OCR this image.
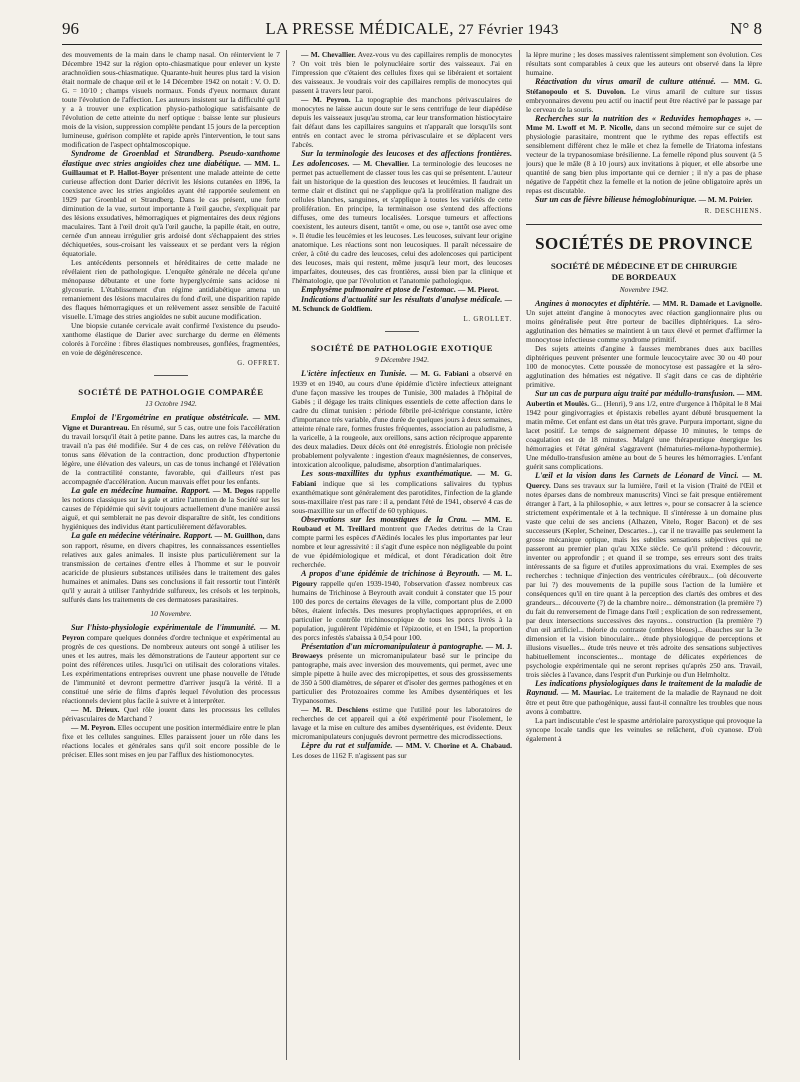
96	LA PRESSE MÉDICALE, 27 Février 1943	N° 8

des mouvements de la main dans le champ nasal. On réintervient le 7 Décembre 1942 sur la région opto-chiasmatique pour enlever un kyste arachnoïdien sous-chiasmatique. Quarante-huit heures plus tard la vision était normale de chaque œil et le 14 Décembre 1942 on notait : V. O. D. G. = 10/10 ; champs visuels normaux. Fonds d'yeux normaux durant toute l'évolution de l'affection. Les auteurs insistent sur la difficulté qu'il y a à trouver une explication physio-pathologique satisfaisante de l'évolution de cette atteinte du nerf optique : baisse lente sur plusieurs mois de la vision, suppression complète pendant 15 jours de la perception lumineuse, guérison complète et rapide après l'intervention, le tout sans modification de l'aspect ophtalmoscopique.

Syndrome de Groenblad et Strandberg. Pseudo-xanthome élastique avec stries angioïdes chez une diabétique. — MM. L. Guillaumat et P. Hallot-Boyer présentent une malade atteinte de cette curieuse affection dont Darier décrivit les lésions cutanées en 1896, la coexistence avec les stries angioïdes ayant été rapportée seulement en 1929 par Groenblad et Strandberg. Dans le cas présent, une forte diminution de la vue, surtout importante à l'œil gauche, s'expliquait par des lésions exsudatives, hémorragiques et pigmentaires des deux régions maculaires. Tant à l'œil droit qu'à l'œil gauche, la papille était, en outre, cernée d'un anneau irrégulier gris ardoisé dont s'échappaient des stries déchiquetées, sous-croisant les vaisseaux et se perdant vers la région équatoriale.

Les antécédents personnels et héréditaires de cette malade ne révélaient rien de pathologique. L'enquête générale ne décela qu'une ménopause débutante et une forte hyperglycémie sans acidose ni glycosurie. L'établissement d'un régime antidiabétique amena un remaniement des lésions maculaires du fond d'œil, une disparition rapide des flaques hémorragiques et un relèvement assez sensible de l'acuité visuelle. L'image des stries angioïdes ne subit aucune modification.

Une biopsie cutanée cervicale avait confirmé l'existence du pseudo-xanthome élastique de Darier avec surcharge du derme en éléments colorés à l'orcéine : fibres élastiques nombreuses, gonflées, fragmentées, en voie de dégénérescence.

G. OFFRET.

SOCIÉTÉ DE PATHOLOGIE COMPARÉE

13 Octobre 1942.

Emploi de l'Ergométrine en pratique obstétricale. — MM. Vigne et Durantreau. En résumé, sur 5 cas, outre une fois l'accélération du travail lorsqu'il était à petite panne. Dans les autres cas, la marche du travail n'a pas été modifiée. Sur 4 de ces cas, on relève l'élévation du tonus sans élévation de la contraction, donc production d'hypertonie légère, une élévation des valeurs, un cas de tonus inchangé et l'élévation de la contractilité constante, favorable, qui d'ailleurs n'est pas accompagnée d'accélération. Aucun mauvais effet pour les enfants.

La gale en médecine humaine. Rapport. — M. Degos rappelle les notions classiques sur la gale et attire l'attention de la Société sur les causes de l'épidémie qui sévit toujours actuellement d'une manière aussi aiguë, et qui semblerait ne pas devoir disparaître de sitôt, les conditions hygiéniques des individus étant particulièrement défavorables.

La gale en médecine vétérinaire. Rapport. — M. Guillhon, dans son rapport, résume, en divers chapitres, les connaissances essentielles relatives aux gales animales. Il insiste plus particulièrement sur la transmission de certaines d'entre elles à l'homme et sur le pouvoir acaricide de plusieurs substances utilisées dans le traitement des gales humaines et animales. Dans ses conclusions il fait ressortir tout l'intérêt qu'il y aurait à utiliser l'anhydride sulfureux, les crésols et les terpinols, sulfurés dans les traitements de ces dermatoses parasitaires.

10 Novembre.

Sur l'histo-physiologie expérimentale de l'immunité. — M. Peyron compare quelques données d'ordre technique et expérimental au progrès de ces questions. De nombreux auteurs ont songé à utiliser les unes et les autres, mais les démonstrations de l'auteur apportent sur ce point des références utiles. Jusqu'ici on utilisait des colorations vitales. Les expérimentations entreprises ouvrent une phase nouvelle de l'étude de l'immunité et devront permettre d'arriver jusqu'à la vérité. Il a constitué une série de films d'après lequel l'évolution des processus réactionnels devient plus facile à suivre et à interpréter.

— M. Drieux. Quel rôle jouent dans les processus les cellules périvasculaires de Marchand ?

— M. Peyron. Elles occupent une position intermédiaire entre le plan fixe et les cellules sanguines. Elles paraissent jouer un rôle dans les réactions locales et générales sans qu'il soit encore possible de le préciser. Elles sont mises en jeu par l'afflux des histiomonocytes.

— M. Chevallier. Avez-vous vu des capillaires remplis de monocytes ? On voit très bien le polynucléaire sortir des vaisseaux. J'ai en l'impression que c'étaient des cellules fixes qui se libéraient et sortaient des vaisseaux. Je voudrais voir des capillaires remplis de monocytes qui passent à travers leur paroi.

— M. Peyron. La topographie des manchons périvasculaires de monocytes ne laisse aucun doute sur le sens centrifuge de leur diapédèse depuis les vaisseaux jusqu'au stroma, car leur transformation histiocytaire fait défaut dans les capillaires sanguins et n'apparaît que lorsqu'ils sont entrés en contact avec le stroma périvasculaire et se déplacent vers l'abcès.

Sur la terminologie des leucoses et des affections frontières. Les adolencoses. — M. Chevallier. La terminologie des leucoses ne permet pas actuellement de classer tous les cas qui se présentent. L'auteur fait un historique de la question des leucoses et leucémies. Il faudrait un terme clair et distinct qui ne s'applique qu'à la prolifération maligne des cellules blanches, sanguines, et s'applique à toutes les variétés de cette prolifération. En principe, la terminaison ose s'entend des affections diffuses, ome des tumeurs localisées. Lorsque tumeurs et affections coexistent, les auteurs disent, tantôt « ome, ou ose », tantôt ose avec ome ». Il étudie les leucémies et les leucoses. Les leucoses, suivant leur origine anatomique. Les réactions sont non leucosiques. Il paraît nécessaire de créer, à côté du cadre des leucoses, celui des adolencoses qui participent des leucoses, mais qui restent, même jusqu'à leur mort, des leucoses imparfaites, douteuses, des cas frontières, aussi bien par la clinique et l'hématologie, que par l'évolution et l'anatomie pathologique.

Emphysème pulmonaire et ptose de l'estomac. — M. Pierot.

Indications d'actualité sur les résultats d'analyse médicale. — M. Schunck de Goldfiem.

L. GROLLET.

SOCIÉTÉ DE PATHOLOGIE EXOTIQUE

9 Décembre 1942.

L'ictère infectieux en Tunisie. — M. G. Fabiani a observé en 1939 et en 1940, au cours d'une épidémie d'ictère infectieux atteignant d'une façon massive les troupes de Tunisie, 300 malades à l'hôpital de Gabès ; il dégage les traits cliniques essentiels de cette affection dans le cadre du climat tunisien : période fébrile pré-ictérique constante, ictère d'importance très variable, d'une durée de quelques jours à deux semaines, atteinte rénale rare, formes frustes fréquentes, association au paludisme, à la varicelle, à la rougeole, aux oreillons, sans action réciproque apparente des deux maladies. Deux décès ont été enregistrés. Étiologie non précisée probablement polyvalente : ingestion d'eaux magnésiennes, de conserves, intoxication alcoolique, paludisme, absorption d'antimalariques.

Les sous-maxillites du typhus exanthématique. — M. G. Fabiani indique que si les complications salivaires du typhus exanthématique sont généralement des parotidites, l'infection de la glande sous-maxillaire n'est pas rare : il a, pendant l'été de 1941, observé 4 cas de sous-maxillite sur un effectif de 60 typhiques.

Observations sur les moustiques de la Crau. — MM. E. Roubaud et M. Treillard montrent que l'Aedes detritus de la Crau compte parmi les espèces d'Aëdinés locales les plus importantes par leur nombre et leur agressivité : il s'agit d'une espèce non négligeable du point de vue épidémiologique et médical, et dont l'éradication doit être recherchée.

A propos d'une épidémie de trichinose à Beyrouth. — M. L. Pigoury rappelle qu'en 1939-1940, l'observation d'assez nombreux cas humains de Trichinose à Beyrouth avait conduit à constater que 15 pour 100 des porcs de certains élevages de la ville, comportant plus de 2.000 bêtes, étaient infectés. Des mesures prophylactiques appropriées, et en particulier le contrôle trichinoscopique de tous les porcs livrés à la population, jugulèrent l'épidémie et l'épizootie, et en 1941, la proportion des porcs infestés s'abaissa à 0,54 pour 100.

Présentation d'un micromanipulateur à pantographe. — M. J. Browaeys présente un micromanipulateur basé sur le principe du pantographe, mais avec inversion des mouvements, qui permet, avec une simple pipette à huile avec des micropipettes, et sous des grossissements de 350 à 500 diamètres, de séparer et d'isoler des germes pathogènes et en particulier des Protozoaires comme les Amibes dysentériques et les Trypanosomes.

— M. R. Deschiens estime que l'utilité pour les laboratoires de recherches de cet appareil qui a été expérimenté pour l'isolement, le lavage et la mise en culture des amibes dysentériques, est évidente. Deux micromanipulateurs conjugués devront permettre des microdissections.

Lèpre du rat et sulfamide. — MM. V. Chorine et A. Chabaud. Les doses de 1162 F. n'agissent pas sur

la lèpre murine ; les doses massives ralentissent simplement son évolution. Ces résultats sont comparables à ceux que les auteurs ont observé dans la lèpre humaine.

Réactivation du virus amaril de culture atténué. — MM. G. Stéfanopoulo et S. Duvolon. Le virus amaril de culture sur tissus embryonnaires devenu peu actif ou inactif peut être réactivé par le passage par le cerveau de la souris.

Recherches sur la nutrition des « Reduvides hemophages ». — Mme M. Lwoff et M. P. Nicolle, dans un second mémoire sur ce sujet de physiologie parasitaire, montrent que le rythme des repas effectifs est sensiblement différent chez le mâle et chez la femelle de Triatoma infestans vecteur de la trypanosomiase brésilienne. La femelle répond plus souvent (à 5 jours) que le mâle (8 à 10 jours) aux invitations à piquer, et elle absorbe une quantité de sang bien plus importante qui ce dernier ; il n'y a pas de phase négative de l'appétit chez la femelle et la notion de jeûne obligatoire après un repas est discutable.

Sur un cas de fièvre bilieuse hémoglobinurique. — M. M. Poirier.

R. DESCHIENS.

SOCIÉTÉS DE PROVINCE

SOCIÉTÉ DE MÉDECINE ET DE CHIRURGIE
DE BORDEAUX

Novembre 1942.

Angines à monocytes et diphtérie. — MM. R. Damade et Lavignolle. Un sujet atteint d'angine à monocytes avec réaction ganglionnaire plus ou moins généralisée peut être porteur de bacilles diphtériques. La séro-agglutination des hématies se maintient à un taux élevé et permet d'affirmer la monocytose infectieuse comme syndrome primitif.

Des sujets atteints d'angine à fausses membranes dues aux bacilles diphtériques peuvent présenter une formule leucocytaire avec 30 ou 40 pour 100 de monocytes. Cette poussée de monocytose est passagère et la séro-agglutination des hématies est négative. Il s'agit dans ce cas de diphtérie primitive.

Sur un cas de purpura aigu traité par médullo-transfusion. — MM. Aubertin et Moulès. G... (Henri), 9 ans 1/2, entre d'urgence à l'hôpital le 8 Mai 1942 pour gingivorragies et épistaxis rebelles ayant débuté brusquement la matin même. Cet enfant est dans un état très grave. Purpura important, signe du lacet positif. Le temps de saignement dépasse 10 minutes, le temps de coagulation est de 18 minutes. Malgré une thérapeutique énergique les hémorragies et l'état général s'aggravent (hématuries-mélœna-hypothermie). Une médullo-transfusion amène au bout de 5 heures les hémorragies. L'enfant guérit sans complications.

L'œil et la vision dans les Carnets de Léonard de Vinci. — M. Quercy. Dans ses travaux sur la lumière, l'œil et la vision (Traité de l'Œil et notes éparses dans de nombreux manuscrits) Vinci se fait presque entièrement étranger à l'art, à la philosophie, « aux lettres », pour se consacrer à la science strictement expérimentale et à la technique. Il s'intéresse à un domaine plus vaste que celui de ses anciens (Alhazen, Vitelo, Roger Bacon) et de ses successeurs (Kepler, Scheiner, Descartes...), car il ne travaille pas seulement la grosse mécanique optique, mais les subtiles sensations subjectives qui ne passeront au premier plan qu'au XIXe siècle. Ce qu'il prétend : découvrir, inventer ou approfondir ; et quand il se trompe, ses erreurs sont des traits intéressants de sa figure et d'utiles approximations du vrai. Exemples de ses recherches : technique d'injection des ventricules cérébraux... (où découverte par lui ?) des mouvements de la pupille sous l'action de la lumière et conséquences qu'il en tire quant à la perception des clartés des ombres et des grandeurs... découverte (?) de la chambre noire... démonstration (la première ?) du fait du renversement de l'image dans l'œil ; explication de son redressement, par deux intersections successives des rayons... construction (la première ?) d'un œil artificiel... théorie du contraste (ombres bleues)... ébauches sur la 3e dimension et la vision binoculaire... étude physiologique de perceptions et illusions visuelles... étude très neuve et très adroite des sensations subjectives habituellement inconscientes... montage de délicates expériences de psychologie expérimentale qui ne seront reprises qu'après 250 ans. Travail, trois siècles à l'avance, dans l'esprit d'un Purkinje ou d'un Helmholtz.

Les indications physiologiques dans le traitement de la maladie de Raynaud. — M. Mauriac. Le traitement de la maladie de Raynaud ne doit être et peut être que pathogénique, aussi faut-il connaître les troubles que nous avons à combattre.

La part indiscutable c'est le spasme artériolaire paroxystique qui provoque la syncope locale tandis que les veinules se relâchent, d'où cyanose. D'où également à
